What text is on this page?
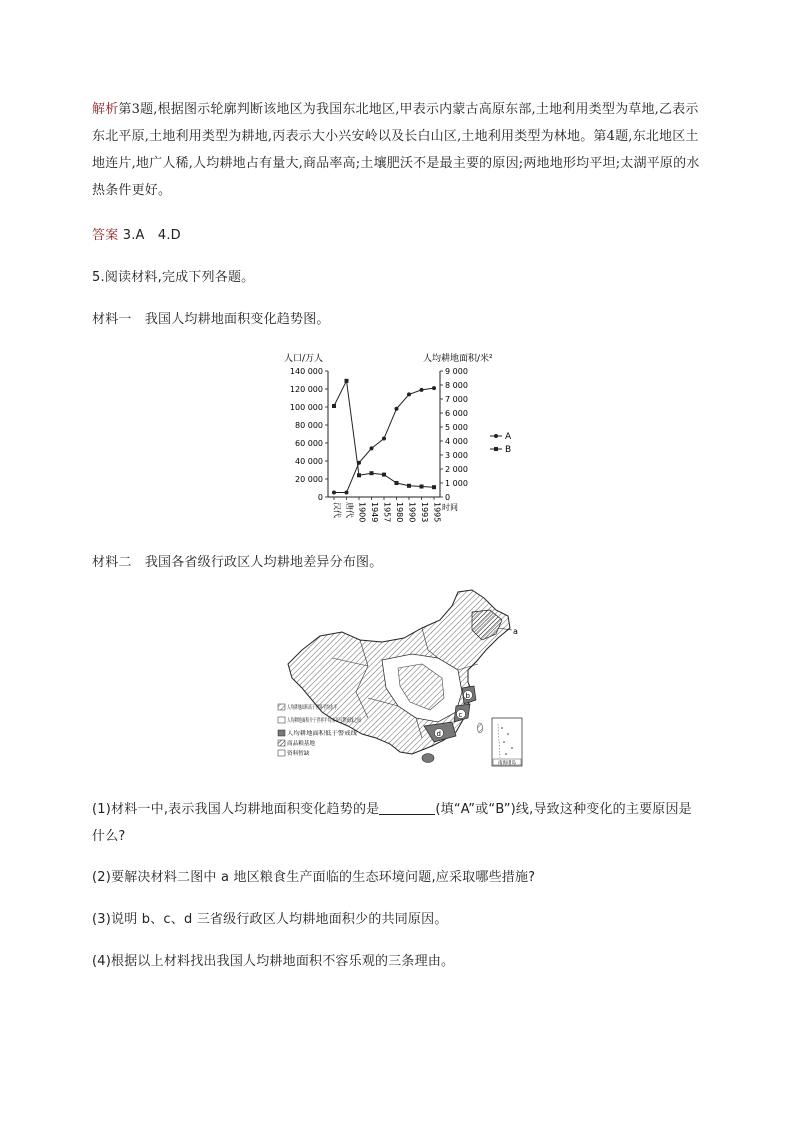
解析第3题,根据图示轮廓判断该地区为我国东北地区,甲表示内蒙古高原东部,土地利用类型为草地,乙表示东北平原,土地利用类型为耕地,丙表示大小兴安岭以及长白山区,土地利用类型为林地。第4题,东北地区土地连片,地广人稀,人均耕地占有量大,商品率高;土壤肥沃不是最主要的原因;两地地形均平坦;太湖平原的水热条件更好。
答案 3.A　4.D
5.阅读材料,完成下列各题。
材料一　 我国人均耕地面积变化趋势图。
人口/万人	人均耕地面积/米²
0
20 000
40 000
60 000
80 000
100 000
120 000
140 000
0
1 000
2 000
3 000
4 000
5 000
6 000
7 000
8 000
9 000
汉代 唐代 1900 1949 1957 1980 1990 1993 1995 时间
A
B
材料二　 我国各省级行政区人均耕地差异分布图。
a
b
c
d
南海诸岛
人均耕地面积高于世界平均水平
人均耕地面积介于世界平均水平与警戒线之间
人均耕地面积低于警戒线
商品粮基地
资料暂缺
(1)材料一中,表示我国人均耕地面积变化趋势的是	(填“A”或“B”)线,导致这种变化的主要原因是什么?
(2)要解决材料二图中 a 地区粮食生产面临的生态环境问题,应采取哪些措施?
(3)说明 b、c、d 三省级行政区人均耕地面积少的共同原因。
(4)根据以上材料找出我国人均耕地面积不容乐观的三条理由。
